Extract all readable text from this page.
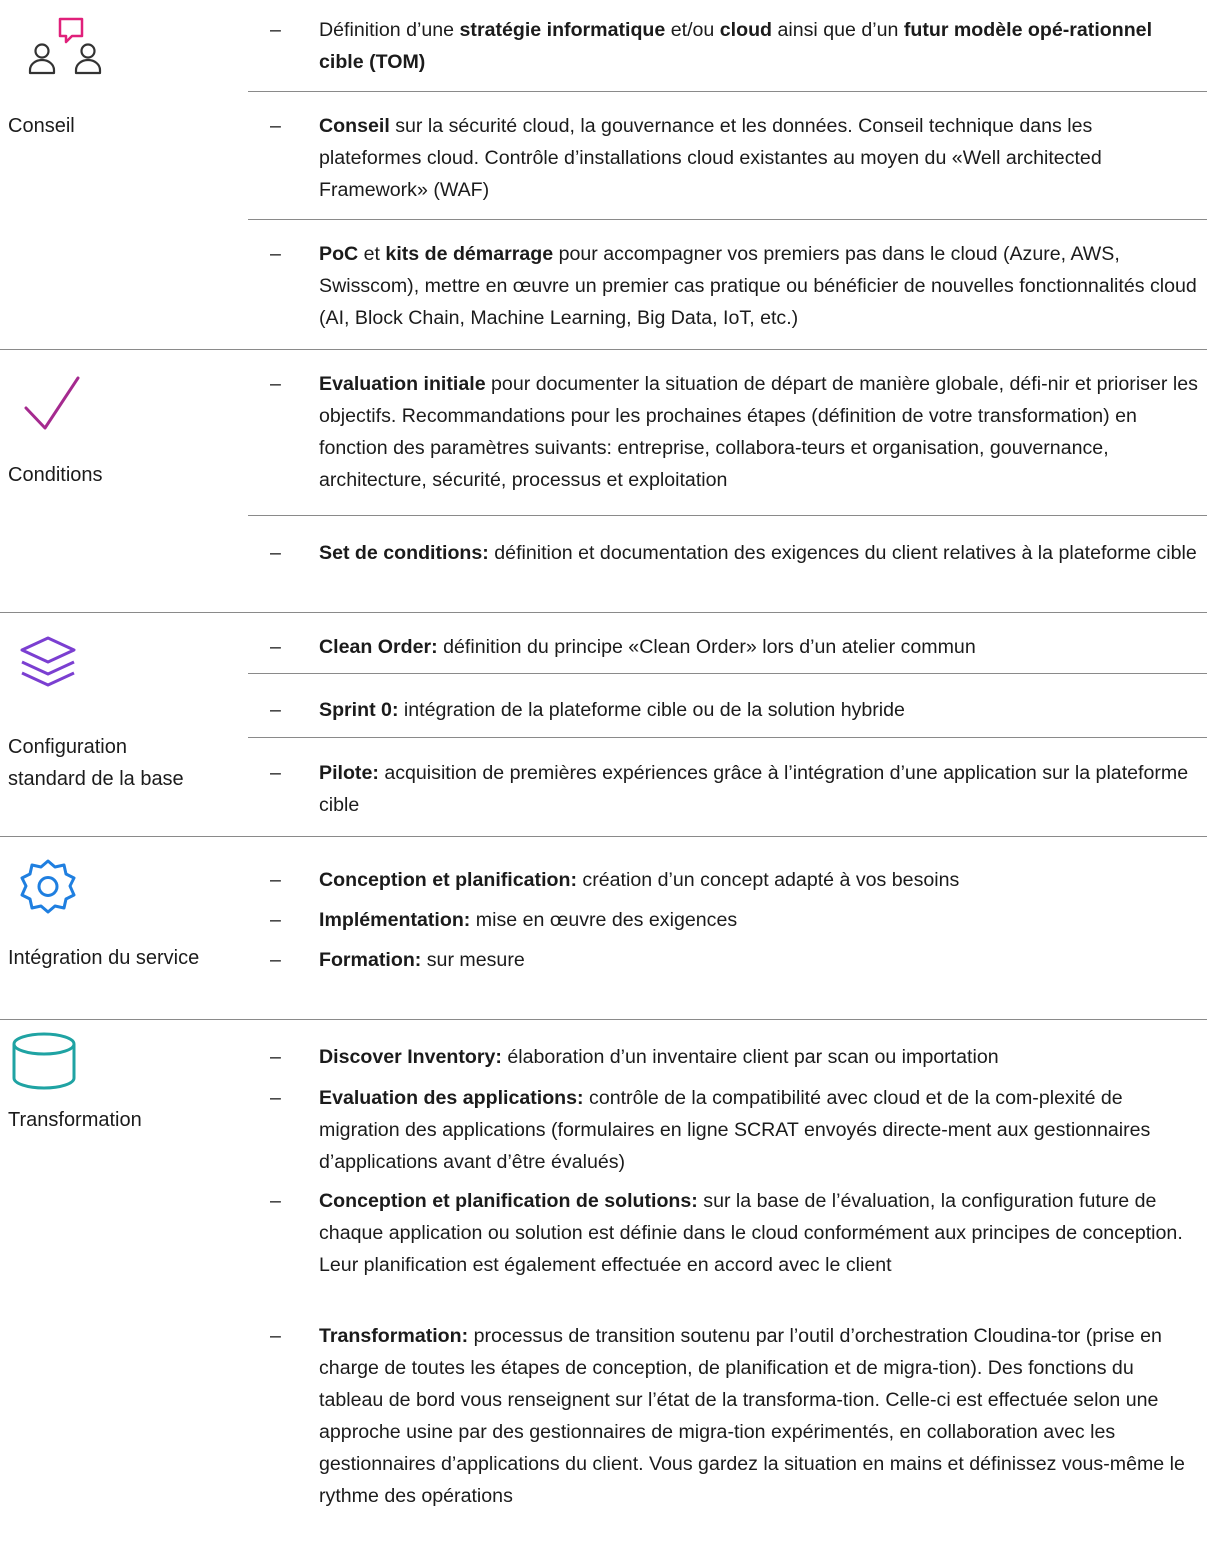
Conseil
– Définition d’une stratégie informatique et/ou cloud ainsi que d’un futur modèle opé-rationnel cible (TOM)
– Conseil sur la sécurité cloud, la gouvernance et les données. Conseil technique dans les plateformes cloud. Contrôle d’installations cloud existantes au moyen du «Well architected Framework» (WAF)
– PoC et kits de démarrage pour accompagner vos premiers pas dans le cloud (Azure, AWS, Swisscom), mettre en œuvre un premier cas pratique ou bénéficier de nouvelles fonctionnalités cloud (AI, Block Chain, Machine Learning, Big Data, IoT, etc.)
Conditions
– Evaluation initiale pour documenter la situation de départ de manière globale, défi-nir et prioriser les objectifs. Recommandations pour les prochaines étapes (définition de votre transformation) en fonction des paramètres suivants: entreprise, collabora-teurs et organisation, gouvernance, architecture, sécurité, processus et exploitation
– Set de conditions: définition et documentation des exigences du client relatives à la plateforme cible
Configuration standard de la base
– Clean Order: définition du principe «Clean Order» lors d’un atelier commun
– Sprint 0: intégration de la plateforme cible ou de la solution hybride
– Pilote: acquisition de premières expériences grâce à l’intégration d’une application sur la plateforme cible
Intégration du service
– Conception et planification: création d’un concept adapté à vos besoins
– Implémentation: mise en œuvre des exigences
– Formation: sur mesure
Transformation
– Discover Inventory: élaboration d’un inventaire client par scan ou importation
– Evaluation des applications: contrôle de la compatibilité avec cloud et de la com-plexité de migration des applications (formulaires en ligne SCRAT envoyés directe-ment aux gestionnaires d’applications avant d’être évalués)
– Conception et planification de solutions: sur la base de l’évaluation, la configuration future de chaque application ou solution est définie dans le cloud conformément aux principes de conception. Leur planification est également effectuée en accord avec le client
– Transformation: processus de transition soutenu par l’outil d’orchestration Cloudina-tor (prise en charge de toutes les étapes de conception, de planification et de migra-tion). Des fonctions du tableau de bord vous renseignent sur l’état de la transforma-tion. Celle-ci est effectuée selon une approche usine par des gestionnaires de migra-tion expérimentés, en collaboration avec les gestionnaires d’applications du client. Vous gardez la situation en mains et définissez vous-même le rythme des opérations
